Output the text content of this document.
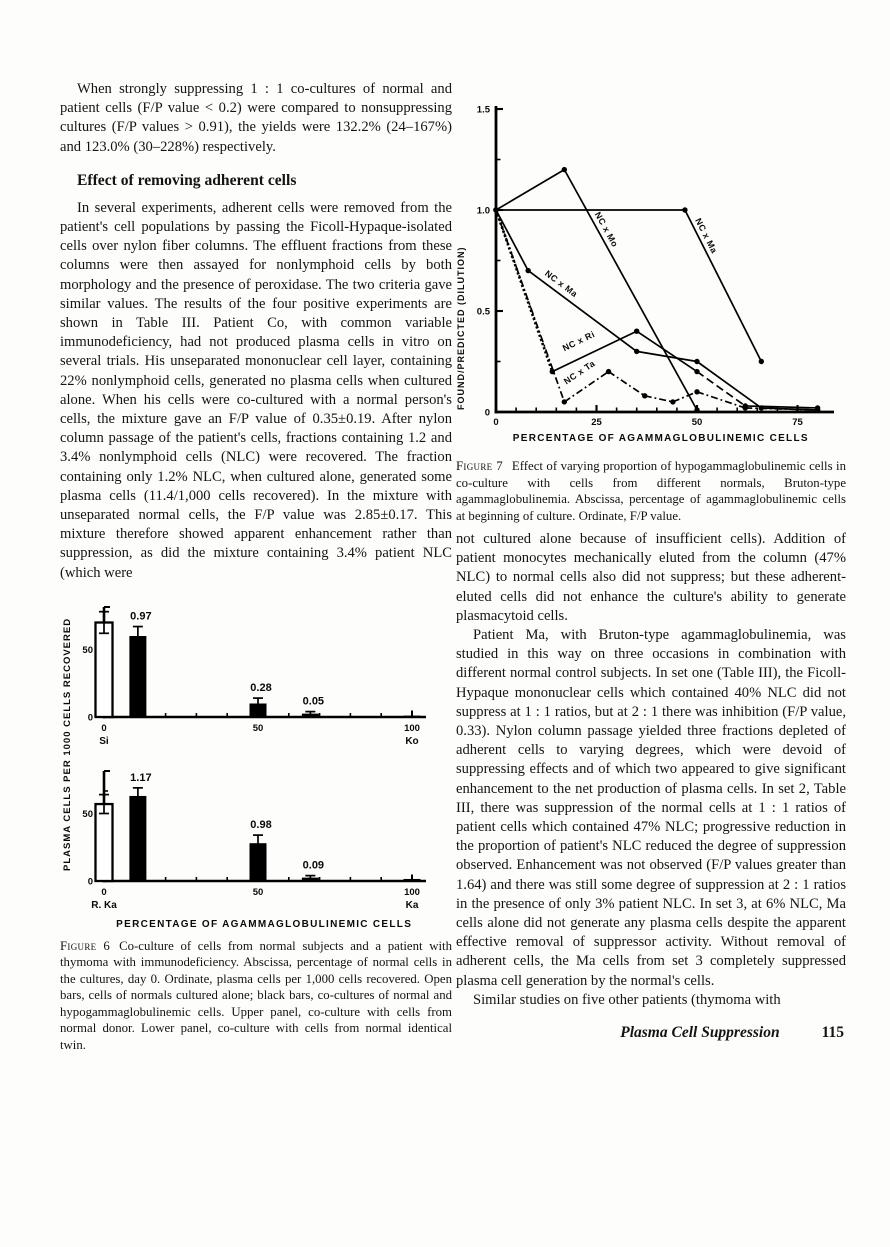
When strongly suppressing 1 : 1 co-cultures of normal and patient cells (F/P value < 0.2) were compared to nonsuppressing cultures (F/P values > 0.91), the yields were 132.2% (24–167%) and 123.0% (30–228%) respectively.

Effect of removing adherent cells

In several experiments, adherent cells were removed from the patient's cell populations by passing the Ficoll-Hypaque-isolated cells over nylon fiber columns. The effluent fractions from these columns were then assayed for nonlymphoid cells by both morphology and the presence of peroxidase. The two criteria gave similar values. The results of the four positive experiments are shown in Table III. Patient Co, with common variable immunodeficiency, had not produced plasma cells in vitro on several trials. His unseparated mononuclear cell layer, containing 22% nonlymphoid cells, generated no plasma cells when cultured alone. When his cells were co-cultured with a normal person's cells, the mixture gave an F/P value of 0.35±0.19. After nylon column passage of the patient's cells, fractions containing 1.2 and 3.4% nonlymphoid cells (NLC) were recovered. The fraction containing only 1.2% NLC, when cultured alone, generated some plasma cells (11.4/1,000 cells recovered). In the mixture with unseparated normal cells, the F/P value was 2.85±0.17. This mixture therefore showed apparent enhancement rather than suppression, as did the mixture containing 3.4% patient NLC (which were

PLASMA CELLS PER 1000 CELLS RECOVERED 0
50
0	50	100
Si	Ko
0.97
0.28
0.05
0
50
0	50	100
R. Ka	Ka
1.17
0.98
0.09
PERCENTAGE OF AGAMMAGLOBULINEMIC CELLS

Figure 6 Co-culture of cells from normal subjects and a patient with thymoma with immunodeficiency. Abscissa, percentage of normal cells in the cultures, day 0. Ordinate, plasma cells per 1,000 cells recovered. Open bars, cells of normals cultured alone; black bars, co-cultures of normal and hypogammaglobulinemic cells. Upper panel, co-culture with cells from normal donor. Lower panel, co-culture with cells from normal identical twin.

FOUND/PREDICTED (DILUTION)
0	25	50	75
PERCENTAGE OF AGAMMAGLOBULINEMIC CELLS
0
0.5
1.0
1.5
NC x Mo	NC x Ma
NC x Ma
NC x Ri
NC x Ta

Figure 7 Effect of varying proportion of hypogammaglobulinemic cells in co-culture with cells from different normals, Bruton-type agammaglobulinemia. Abscissa, percentage of agammaglobulinemic cells at beginning of culture. Ordinate, F/P value.

not cultured alone because of insufficient cells). Addition of patient monocytes mechanically eluted from the column (47% NLC) to normal cells also did not suppress; but these adherent-eluted cells did not enhance the culture's ability to generate plasmacytoid cells.

Patient Ma, with Bruton-type agammaglobulinemia, was studied in this way on three occasions in combination with different normal control subjects. In set one (Table III), the Ficoll-Hypaque mononuclear cells which contained 40% NLC did not suppress at 1 : 1 ratios, but at 2 : 1 there was inhibition (F/P value, 0.33). Nylon column passage yielded three fractions depleted of adherent cells to varying degrees, which were devoid of suppressing effects and of which two appeared to give significant enhancement to the net production of plasma cells. In set 2, Table III, there was suppression of the normal cells at 1 : 1 ratios of patient cells which contained 47% NLC; progressive reduction in the proportion of patient's NLC reduced the degree of suppression observed. Enhancement was not observed (F/P values greater than 1.64) and there was still some degree of suppression at 2 : 1 ratios in the presence of only 3% patient NLC. In set 3, at 6% NLC, Ma cells alone did not generate any plasma cells despite the apparent effective removal of suppressor activity. Without removal of adherent cells, the Ma cells from set 3 completely suppressed plasma cell generation by the normal's cells.

Similar studies on five other patients (thymoma with

Plasma Cell Suppression	115
